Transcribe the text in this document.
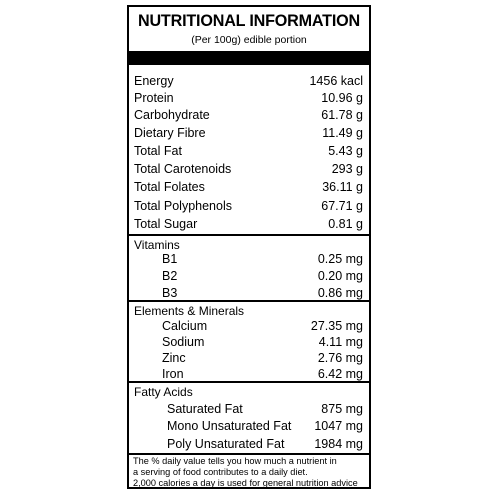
NUTRITIONAL INFORMATION
(Per 100g) edible portion
Energy	1456 kacl
Protein	10.96 g
Carbohydrate	61.78 g
Dietary Fibre	11.49 g
Total Fat	5.43 g
Total Carotenoids	293 g
Total Folates	36.11 g
Total Polyphenols	67.71 g
Total Sugar	0.81 g
Vitamins
B1	0.25 mg
B2	0.20 mg
B3	0.86 mg
Elements & Minerals
Calcium	27.35 mg
Sodium	4.11 mg
Zinc	2.76 mg
Iron	6.42 mg
Fatty Acids
Saturated Fat	875 mg
Mono Unsaturated Fat 1047 mg
Poly Unsaturated Fat 1984 mg
The % daily value tells you how much a nutrient in
a serving of food contributes to a daily diet.
2,000 calories a day is used for general nutrition advice
